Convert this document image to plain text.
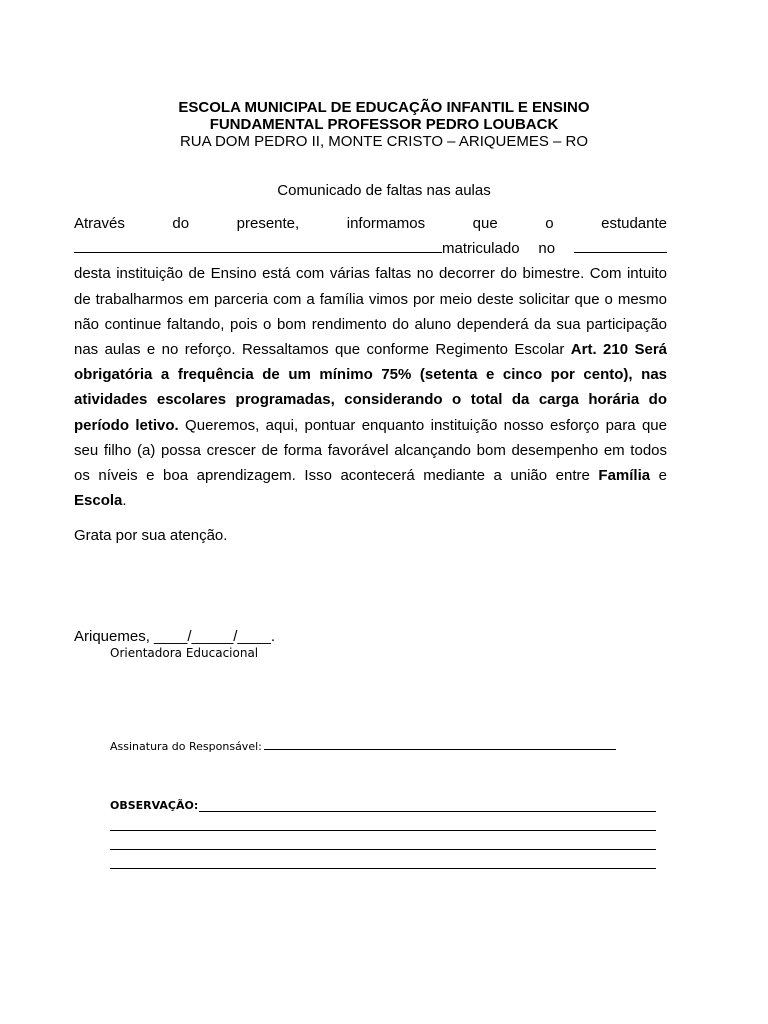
ESCOLA MUNICIPAL DE EDUCAÇÃO INFANTIL E ENSINO
FUNDAMENTAL PROFESSOR PEDRO LOUBACK
RUA DOM PEDRO II, MONTE CRISTO – ARIQUEMES – RO
Comunicado de faltas nas aulas
Através	do	presente,	informamos	que	o	estudante
matriculado no
desta instituição de Ensino está com várias faltas no decorrer do bimestre. Com intuito de trabalharmos em parceria com a família vimos por meio deste solicitar que o mesmo não continue faltando, pois o bom rendimento do aluno dependerá da sua participação nas aulas e no reforço. Ressaltamos que conforme Regimento Escolar Art. 210 Será obrigatória a frequência de um mínimo 75% (setenta e cinco por cento), nas atividades escolares programadas, considerando o total da carga horária do período letivo. Queremos, aqui, pontuar enquanto instituição nosso esforço para que seu filho (a) possa crescer de forma favorável alcançando bom desempenho em todos os níveis e boa aprendizagem. Isso acontecerá mediante a união entre Família e Escola.
Grata por sua atenção.
Ariquemes, ____/_____/____.
Orientadora Educacional
Assinatura do Responsável:
OBSERVAÇÃO:
